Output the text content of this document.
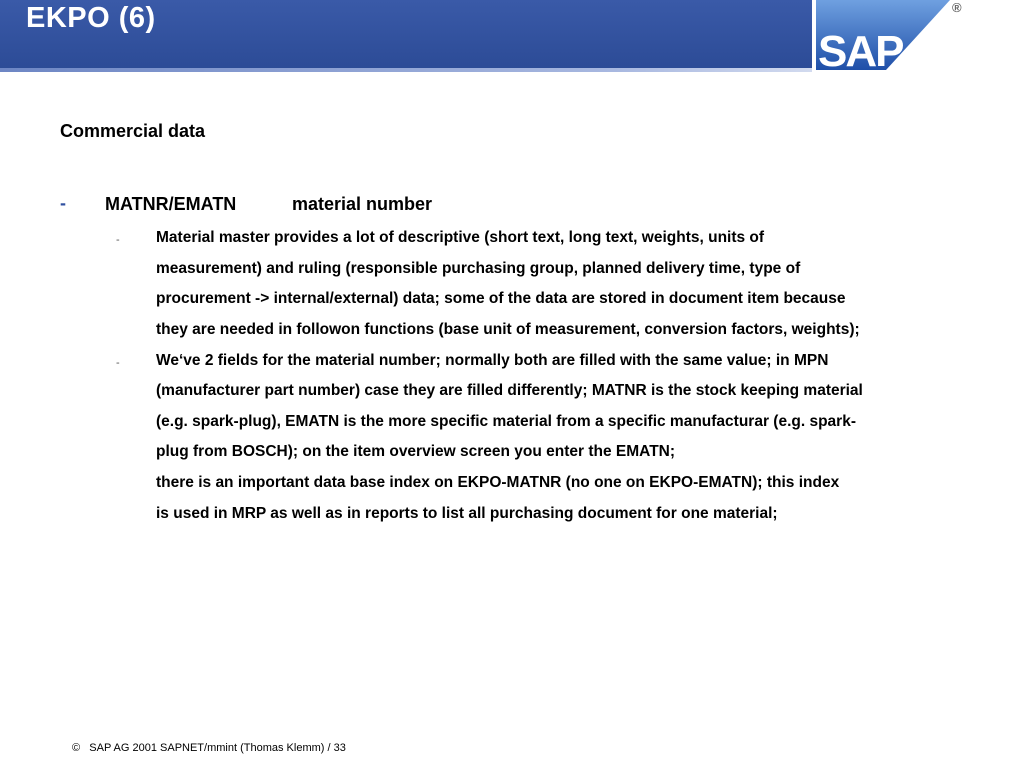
EKPO (6)
SAP
®
Commercial data
- MATNR/EMATN	material number
-
-
Material master provides a lot of descriptive (short text, long text, weights, units of
measurement) and ruling (responsible purchasing group, planned delivery time, type of
procurement -> internal/external) data; some of the data are stored in document item because
they are needed in followon functions (base unit of measurement, conversion factors, weights);
We‘ve 2 fields for the material number; normally both are filled with the same value; in MPN
(manufacturer part number) case they are filled differently; MATNR is the stock keeping material
(e.g. spark-plug), EMATN is the more specific material from a specific manufacturar (e.g. spark-
plug from BOSCH); on the item overview screen you enter the EMATN;
there is an important data base index on EKPO-MATNR (no one on EKPO-EMATN); this index
is used in MRP as well as in reports to list all purchasing document for one material;
© SAP AG 2001 SAPNET/mmint (Thomas Klemm) / 33
